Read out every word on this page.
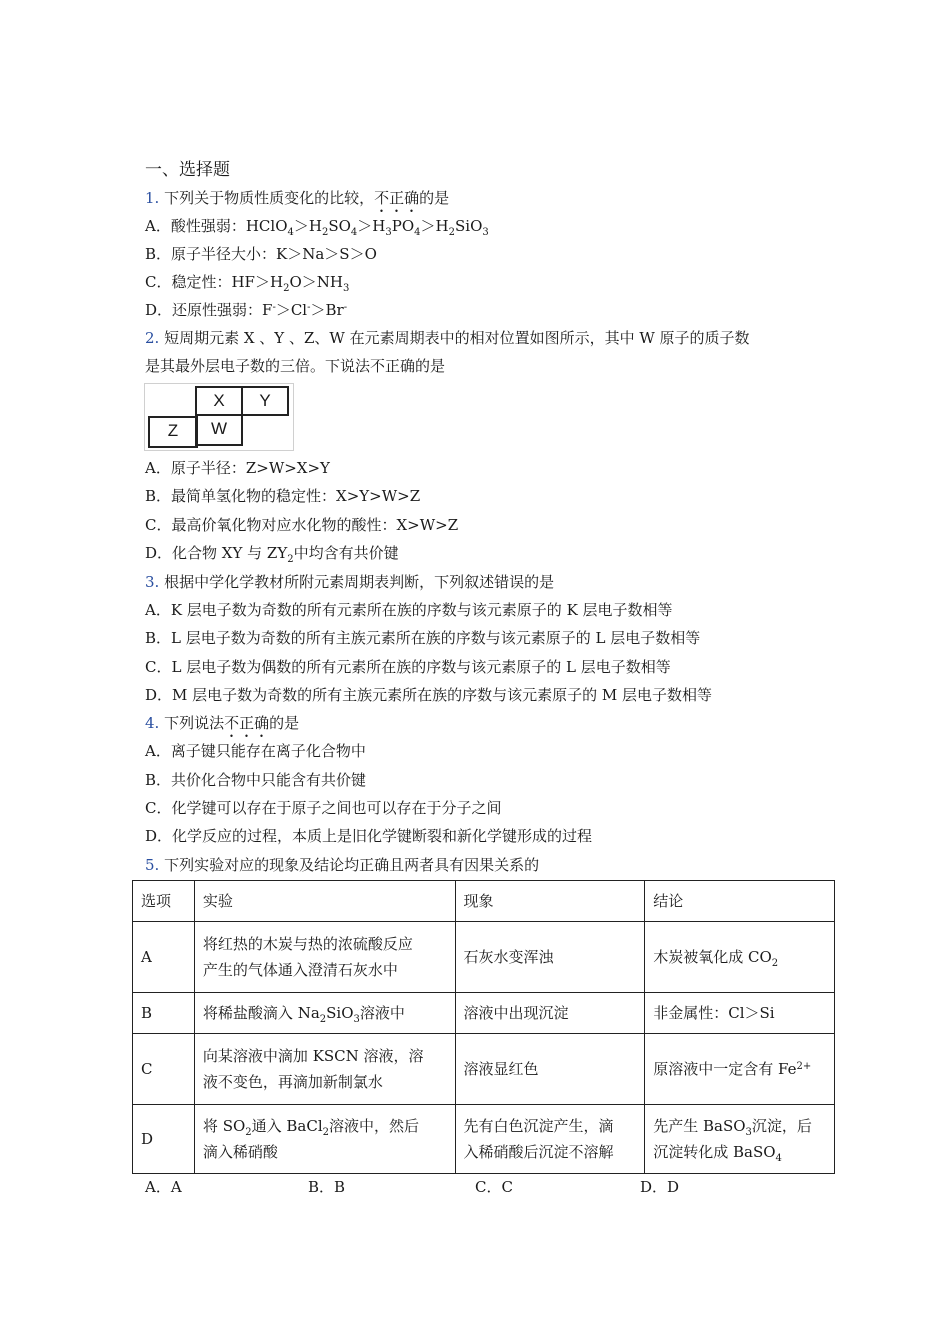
一、选择题
1. 下列关于物质性质变化的比较，不正确的是
A．酸性强弱：$HClO_4>H_2SO_4>H_3PO_4>H_2SiO_3$
B．原子半径大小：K＞Na＞S＞O
C．稳定性：$HF>H_2O>NH_3$
D．还原性强弱：F-＞Cl-＞Br-
2. 短周期元素 X 、Y 、Z、W 在元素周期表中的相对位置如图所示，其中 W 原子的质子数
是其最外层电子数的三倍。下说法不正确的是
X	Y
Z	W
A．原子半径：Z>W>X>Y
B．最简单氢化物的稳定性：X>Y>W>Z
C．最高价氧化物对应水化物的酸性：X>W>Z
D．化合物 XY 与 $ZY_2$中均含有共价键
3. 根据中学化学教材所附元素周期表判断，下列叙述错误的是
A．K 层电子数为奇数的所有元素所在族的序数与该元素原子的 K 层电子数相等
B．L 层电子数为奇数的所有主族元素所在族的序数与该元素原子的 L 层电子数相等
C．L 层电子数为偶数的所有元素所在族的序数与该元素原子的 L 层电子数相等
D．M 层电子数为奇数的所有主族元素所在族的序数与该元素原子的 M 层电子数相等
4. 下列说法不正确的是
A．离子键只能存在离子化合物中
B．共价化合物中只能含有共价键
C．化学键可以存在于原子之间也可以存在于分子之间
D．化学反应的过程，本质上是旧化学键断裂和新化学键形成的过程
5. 下列实验对应的现象及结论均正确且两者具有因果关系的
选项	实验	现象	结论
A	将红热的木炭与热的浓硫酸反应
产生的气体通入澄清石灰水中	石灰水变浑浊	木炭被氧化成 $CO_2$
B	将稀盐酸滴入 $Na_2SiO_3$溶液中	溶液中出现沉淀	非金属性：Cl＞Si
C	向某溶液中滴加 KSCN 溶液，溶
液不变色，再滴加新制氯水	溶液显红色	原溶液中一定含有 $Fe^{2+}$
D	将 $SO_2$通入 BaCl$_2$溶液中，然后
滴入稀硝酸	先有白色沉淀产生，滴
入稀硝酸后沉淀不溶解	先产生 BaSO$_3$沉淀，后
沉淀转化成 BaSO$_4$
A．A	B．B	C．C	D．D
